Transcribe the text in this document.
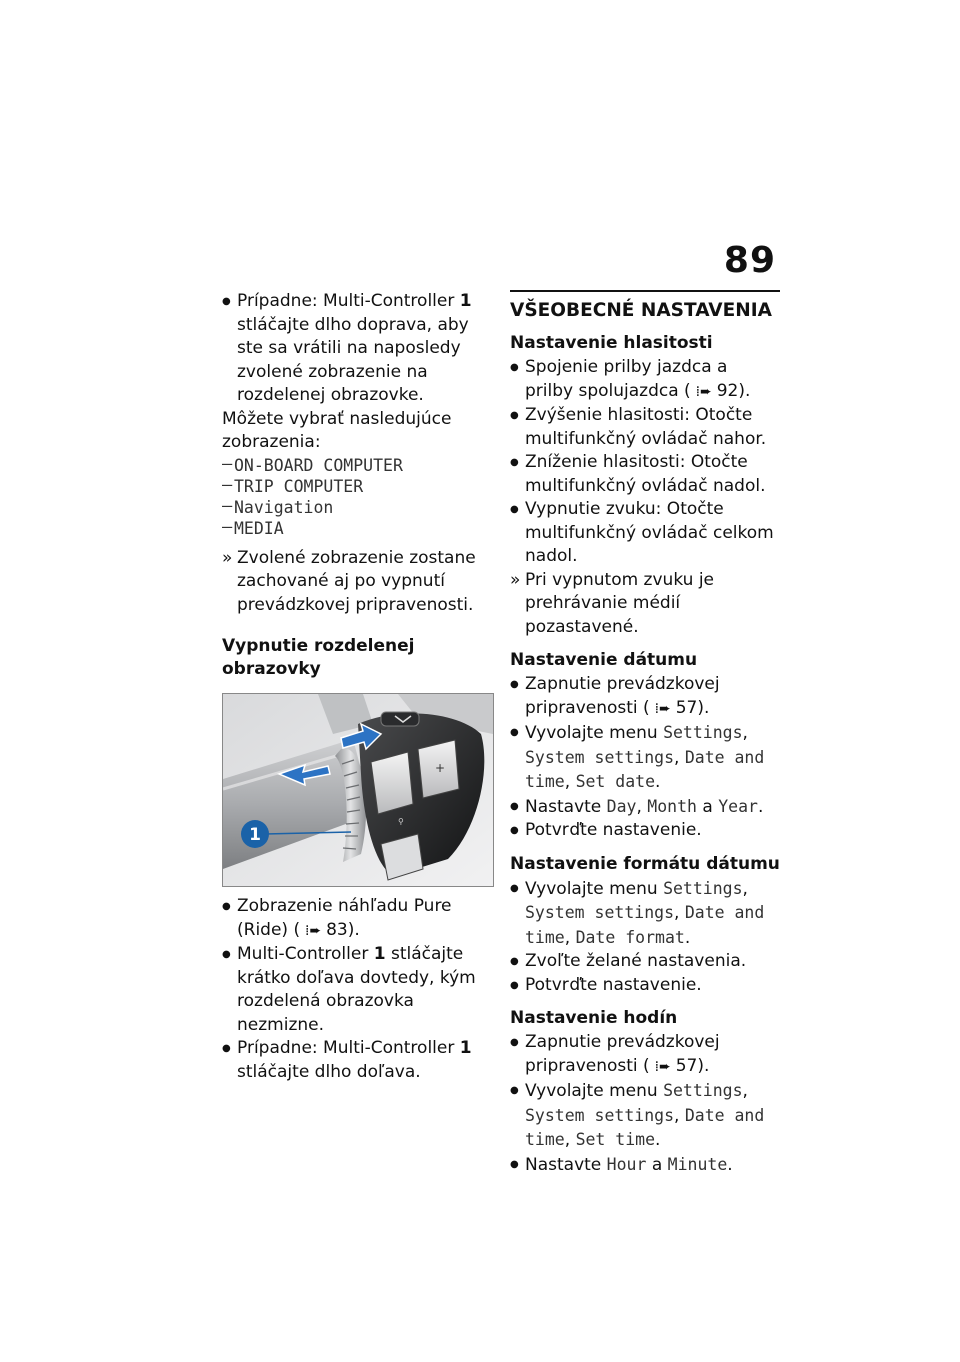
89
● Prípadne: Multi-Controller 1 stláčajte dlho doprava, aby ste sa vrátili na naposledy zvolené zobrazenie na rozdelenej obrazovke.

Môžete vybrať nasledujúce zobrazenia:

– ON-BOARD COMPUTER
– TRIP COMPUTER
– Navigation
– MEDIA
» Zvolené zobrazenie zostane zachované aj po vypnutí prevádzkovej pripravenosti.
Vypnutie rozdelenej obrazovky
+
⚲
1
● Zobrazenie náhľadu Pure (Ride) ( ⁞➨ 83).
● Multi-Controller 1 stláčajte krátko doľava dovtedy, kým rozdelená obrazovka nezmizne.
● Prípadne: Multi-Controller 1 stláčajte dlho doľava.
VŠEOBECNÉ NASTAVENIA
Nastavenie hlasitosti
● Spojenie prilby jazdca a prilby spolujazdca ( ⁞➨ 92).
● Zvýšenie hlasitosti: Otočte multifunkčný ovládač nahor.
● Zníženie hlasitosti: Otočte multifunkčný ovládač nadol.
● Vypnutie zvuku: Otočte multifunkčný ovládač celkom nadol.
» Pri vypnutom zvuku je prehrávanie médií pozastavené.
Nastavenie dátumu
● Zapnutie prevádzkovej pripravenosti ( ⁞➨ 57).
● Vyvolajte menu Settings, System settings, Date and time, Set date.
● Nastavte Day, Month a Year.
● Potvrďte nastavenie.
Nastavenie formátu dátumu
● Vyvolajte menu Settings, System settings, Date and time, Date format.
● Zvoľte želané nastavenia.
● Potvrďte nastavenie.
Nastavenie hodín
● Zapnutie prevádzkovej pripravenosti ( ⁞➨ 57).
● Vyvolajte menu Settings, System settings, Date and time, Set time.
● Nastavte Hour a Minute.
